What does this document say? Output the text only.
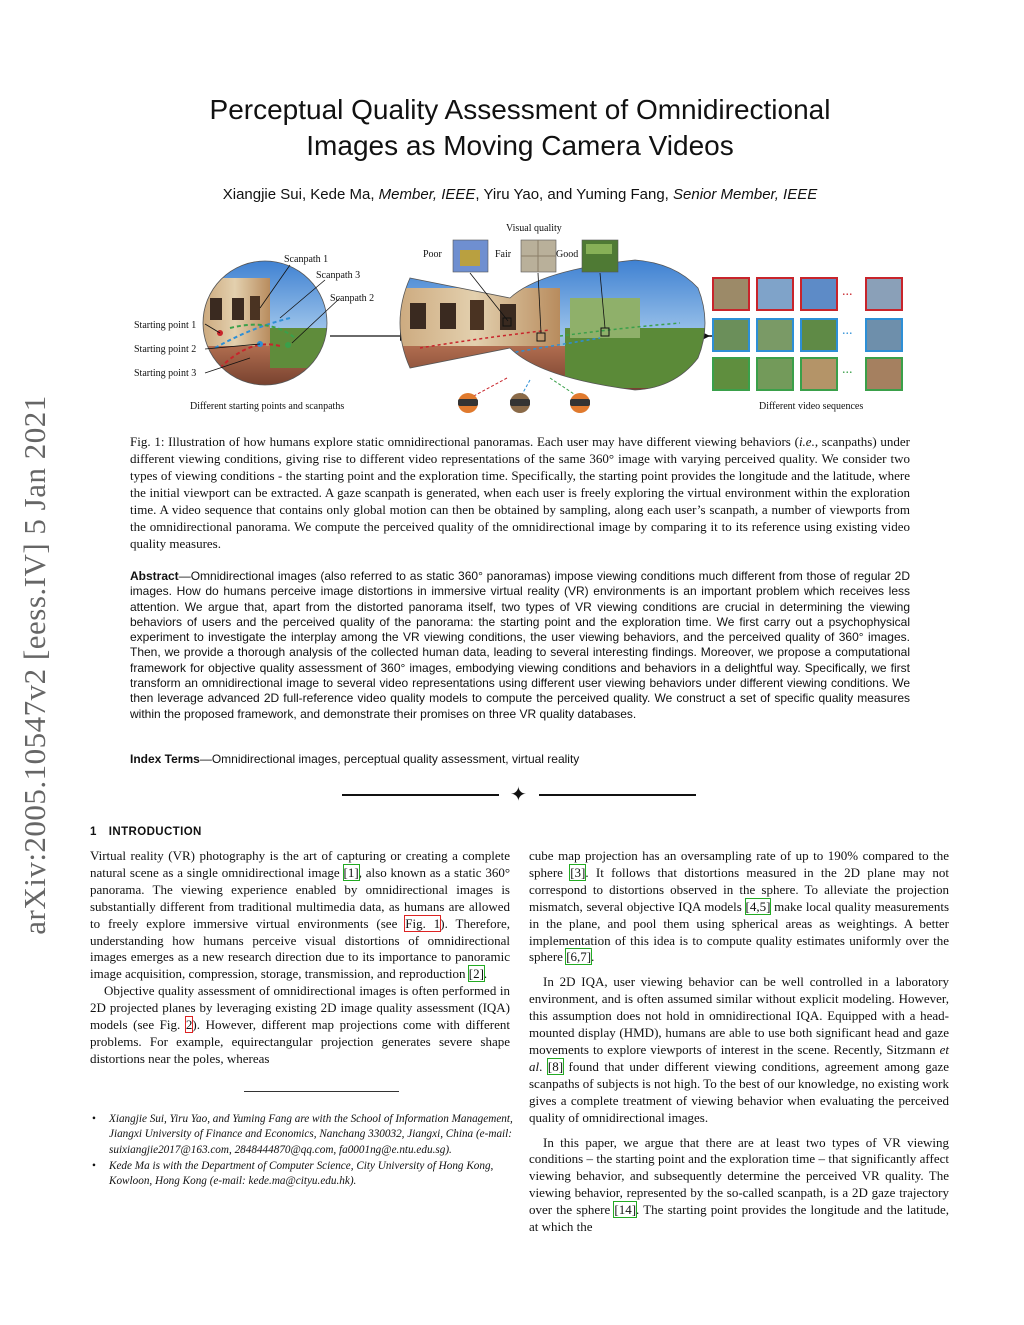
arXiv:2005.10547v2 [eess.IV] 5 Jan 2021
Perceptual Quality Assessment of Omnidirectional
Images as Moving Camera Videos
Xiangjie Sui, Kede Ma, Member, IEEE, Yiru Yao, and Yuming Fang, Senior Member, IEEE
Visual quality
Poor	Fair	Good
Scanpath 1
Scanpath 3
Scanpath 2
Starting point 1
Starting point 2
Starting point 3
Different starting points and scanpaths	Different video sequences
...
...
...
Fig. 1: Illustration of how humans explore static omnidirectional panoramas. Each user may have different viewing behaviors (i.e., scanpaths) under different viewing conditions, giving rise to different video representations of the same 360° image with varying perceived quality. We consider two types of viewing conditions - the starting point and the exploration time. Specifically, the starting point provides the longitude and the latitude, where the initial viewport can be extracted. A gaze scanpath is generated, when each user is freely exploring the virtual environment within the exploration time. A video sequence that contains only global motion can then be obtained by sampling, along each user’s scanpath, a number of viewports from the omnidirectional panorama. We compute the perceived quality of the omnidirectional image by comparing it to its reference using existing video quality measures.
Abstract—Omnidirectional images (also referred to as static 360° panoramas) impose viewing conditions much different from those of regular 2D images. How do humans perceive image distortions in immersive virtual reality (VR) environments is an important problem which receives less attention. We argue that, apart from the distorted panorama itself, two types of VR viewing conditions are crucial in determining the viewing behaviors of users and the perceived quality of the panorama: the starting point and the exploration time. We first carry out a psychophysical experiment to investigate the interplay among the VR viewing conditions, the user viewing behaviors, and the perceived quality of 360° images. Then, we provide a thorough analysis of the collected human data, leading to several interesting findings. Moreover, we propose a computational framework for objective quality assessment of 360° images, embodying viewing conditions and behaviors in a delightful way. Specifically, we first transform an omnidirectional image to several video representations using different user viewing behaviors under different viewing conditions. We then leverage advanced 2D full-reference video quality models to compute the perceived quality. We construct a set of specific quality measures within the proposed framework, and demonstrate their promises on three VR quality databases.
Index Terms—Omnidirectional images, perceptual quality assessment, virtual reality
✦
1 INTRODUCTION

Virtual reality (VR) photography is the art of capturing or creating a complete natural scene as a single omnidirectional image [1], also known as a static 360° panorama. The viewing experience enabled by omnidirectional images is substantially different from traditional multimedia data, as humans are allowed to freely explore immersive virtual environments (see Fig. 1). Therefore, understanding how humans perceive visual distortions of omnidirectional images emerges as a new research direction due to its importance to panoramic image acquisition, compression, storage, transmission, and reproduction [2].

Objective quality assessment of omnidirectional images is often performed in 2D projected planes by leveraging existing 2D image quality assessment (IQA) models (see Fig. 2). However, different map projections come with different problems. For example, equirectangular projection generates severe shape distortions near the poles, whereas

• Xiangjie Sui, Yiru Yao, and Yuming Fang are with the School of Information Management, Jiangxi University of Finance and Economics, Nanchang 330032, Jiangxi, China (e-mail: suixiangjie2017@163.com, 2848444870@qq.com, fa0001ng@e.ntu.edu.sg).
• Kede Ma is with the Department of Computer Science, City University of Hong Kong, Kowloon, Hong Kong (e-mail: kede.ma@cityu.edu.hk).

cube map projection has an oversampling rate of up to 190% compared to the sphere [3]. It follows that distortions measured in the 2D plane may not correspond to distortions observed in the sphere. To alleviate the projection mismatch, several objective IQA models [4,5] make local quality measurements in the plane, and pool them using spherical areas as weightings. A better implementation of this idea is to compute quality estimates uniformly over the sphere [6,7].

In 2D IQA, user viewing behavior can be well controlled in a laboratory environment, and is often assumed similar without explicit modeling. However, this assumption does not hold in omnidirectional IQA. Equipped with a head-mounted display (HMD), humans are able to use both significant head and gaze movements to explore viewports of interest in the scene. Recently, Sitzmann et al. [8] found that under different viewing conditions, agreement among gaze scanpaths of subjects is not high. To the best of our knowledge, no existing work gives a complete treatment of viewing behavior when evaluating the perceived quality of omnidirectional images.

In this paper, we argue that there are at least two types of VR viewing conditions – the starting point and the exploration time – that significantly affect viewing behavior, and subsequently determine the perceived VR quality. The viewing behavior, represented by the so-called scanpath, is a 2D gaze trajectory over the sphere [14]. The starting point provides the longitude and the latitude, at which the
